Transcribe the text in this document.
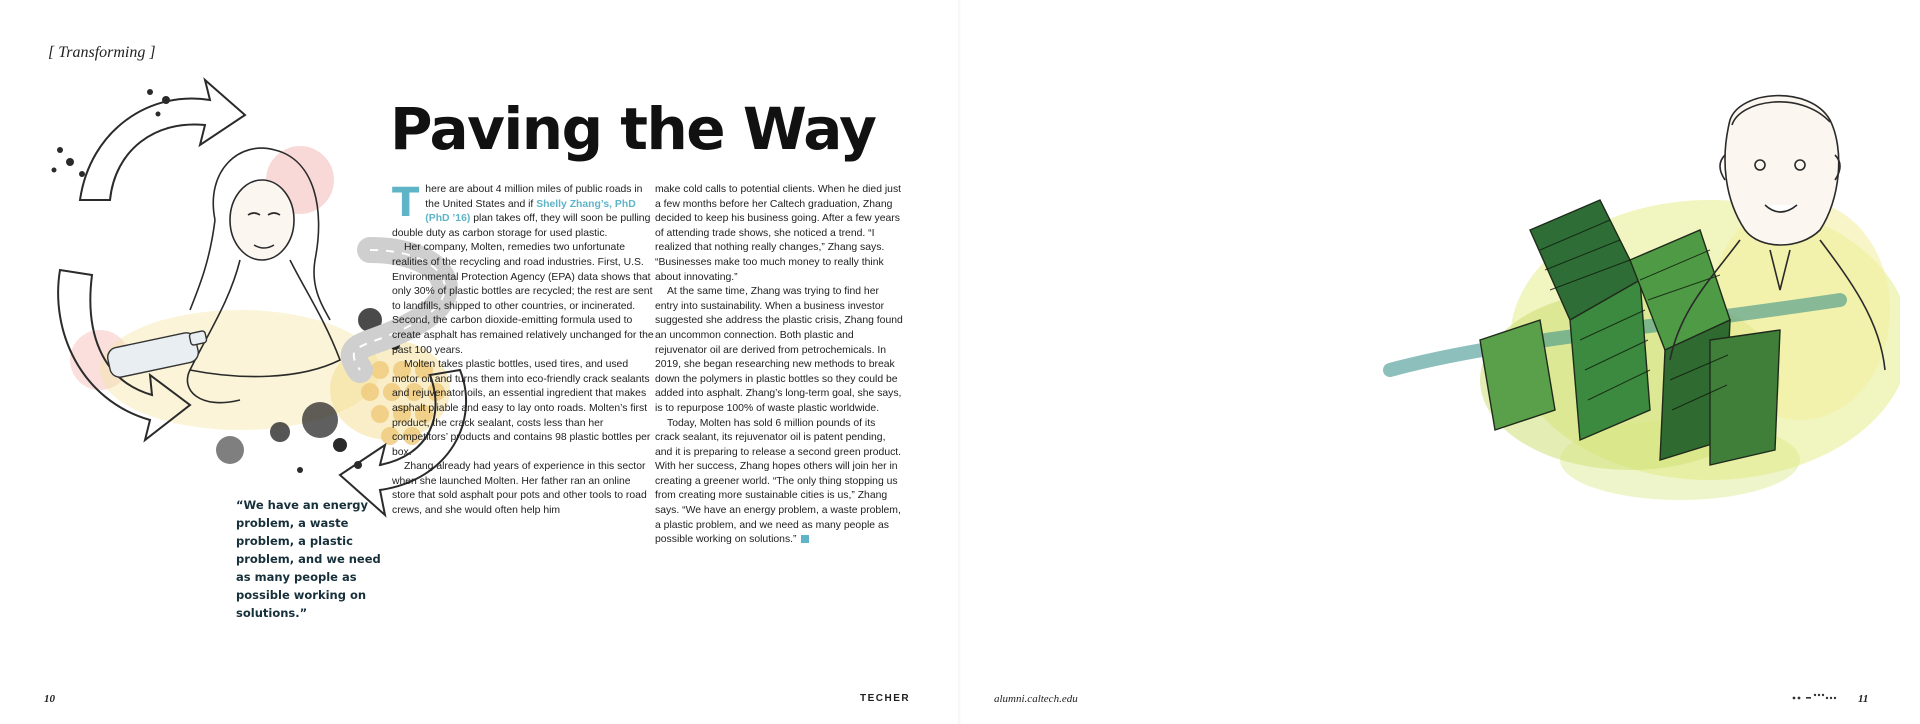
[ Transforming ]
Paving the Way

There are about 4 million miles of public roads in the United States and if Shelly Zhang’s, PhD (PhD ’16) plan takes off, they will soon be pulling double duty as carbon storage for used plastic.

Her company, Molten, remedies two unfortunate realities of the recycling and road industries. First, U.S. Environmental Protection Agency (EPA) data shows that only 30% of plastic bottles are recycled; the rest are sent to landfills, shipped to other countries, or incinerated. Second, the carbon dioxide-emitting formula used to create asphalt has remained relatively unchanged for the past 100 years.

Molten takes plastic bottles, used tires, and used motor oil and turns them into eco-friendly crack sealants and rejuvenator oils, an essential ingredient that makes asphalt pliable and easy to lay onto roads. Molten’s first product, the crack sealant, costs less than her competitors’ products and contains 98 plastic bottles per box.

Zhang already had years of experience in this sector when she launched Molten. Her father ran an online store that sold asphalt pour pots and other tools to road crews, and she would often help him

make cold calls to potential clients. When he died just a few months before her Caltech graduation, Zhang decided to keep his business going. After a few years of attending trade shows, she noticed a trend. “I realized that nothing really changes,” Zhang says. “Businesses make too much money to really think about innovating.”

At the same time, Zhang was trying to find her entry into sustainability. When a business investor suggested she address the plastic crisis, Zhang found an uncommon connection. Both plastic and rejuvenator oil are derived from petrochemicals. In 2019, she began researching new methods to break down the polymers in plastic bottles so they could be added into asphalt. Zhang’s long-term goal, she says, is to repurpose 100% of waste plastic worldwide.

Today, Molten has sold 6 million pounds of its crack sealant, its rejuvenator oil is patent pending, and it is preparing to release a second green product. With her success, Zhang hopes others will join her in creating a greener world. “The only thing stopping us from creating more sustainable cities is us,” Zhang says. “We have an energy problem, a waste problem, a plastic problem, and we need as many people as possible working on solutions.”

“We have an energy problem, a waste problem, a plastic problem, and we need as many people as possible working on solutions.”
10	TECHER	alumni.caltech.edu	11
